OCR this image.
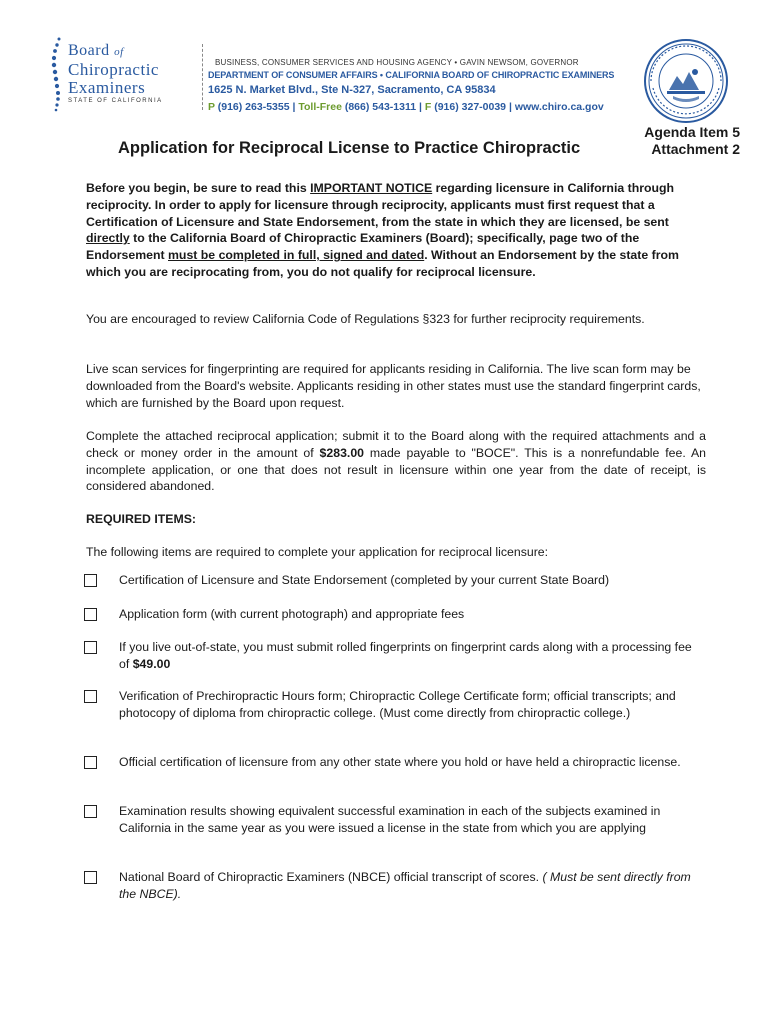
Board of
Chiropractic
Examiners
STATE OF CALIFORNIA
BUSINESS, CONSUMER SERVICES AND HOUSING AGENCY • GAVIN NEWSOM, GOVERNOR
DEPARTMENT OF CONSUMER AFFAIRS • CALIFORNIA BOARD OF CHIROPRACTIC EXAMINERS
1625 N. Market Blvd., Ste N-327, Sacramento, CA 95834
P (916) 263-5355 | Toll-Free (866) 543-1311 | F (916) 327-0039 | www.chiro.ca.gov
Agenda Item 5
Attachment 2
Application for Reciprocal License to Practice Chiropractic
Before you begin, be sure to read this IMPORTANT NOTICE regarding licensure in California through reciprocity. In order to apply for licensure through reciprocity, applicants must first request that a Certification of Licensure and State Endorsement, from the state in which they are licensed, be sent directly to the California Board of Chiropractic Examiners (Board); specifically, page two of the Endorsement must be completed in full, signed and dated. Without an Endorsement by the state from which you are reciprocating from, you do not qualify for reciprocal licensure.
You are encouraged to review California Code of Regulations §323 for further reciprocity requirements.
Live scan services for fingerprinting are required for applicants residing in California. The live scan form may be downloaded from the Board's website. Applicants residing in other states must use the standard fingerprint cards, which are furnished by the Board upon request.
Complete the attached reciprocal application; submit it to the Board along with the required attachments and a check or money order in the amount of $283.00 made payable to "BOCE". This is a nonrefundable fee. An incomplete application, or one that does not result in licensure within one year from the date of receipt, is considered abandoned.
REQUIRED ITEMS:
The following items are required to complete your application for reciprocal licensure:
Certification of Licensure and State Endorsement (completed by your current State Board)
Application form (with current photograph) and appropriate fees
If you live out-of-state, you must submit rolled fingerprints on fingerprint cards along with a processing fee of $49.00
Verification of Prechiropractic Hours form; Chiropractic College Certificate form; official transcripts; and photocopy of diploma from chiropractic college. (Must come directly from chiropractic college.)
Official certification of licensure from any other state where you hold or have held a chiropractic license.
Examination results showing equivalent successful examination in each of the subjects examined in California in the same year as you were issued a license in the state from which you are applying
National Board of Chiropractic Examiners (NBCE) official transcript of scores. ( Must be sent directly from the NBCE).
